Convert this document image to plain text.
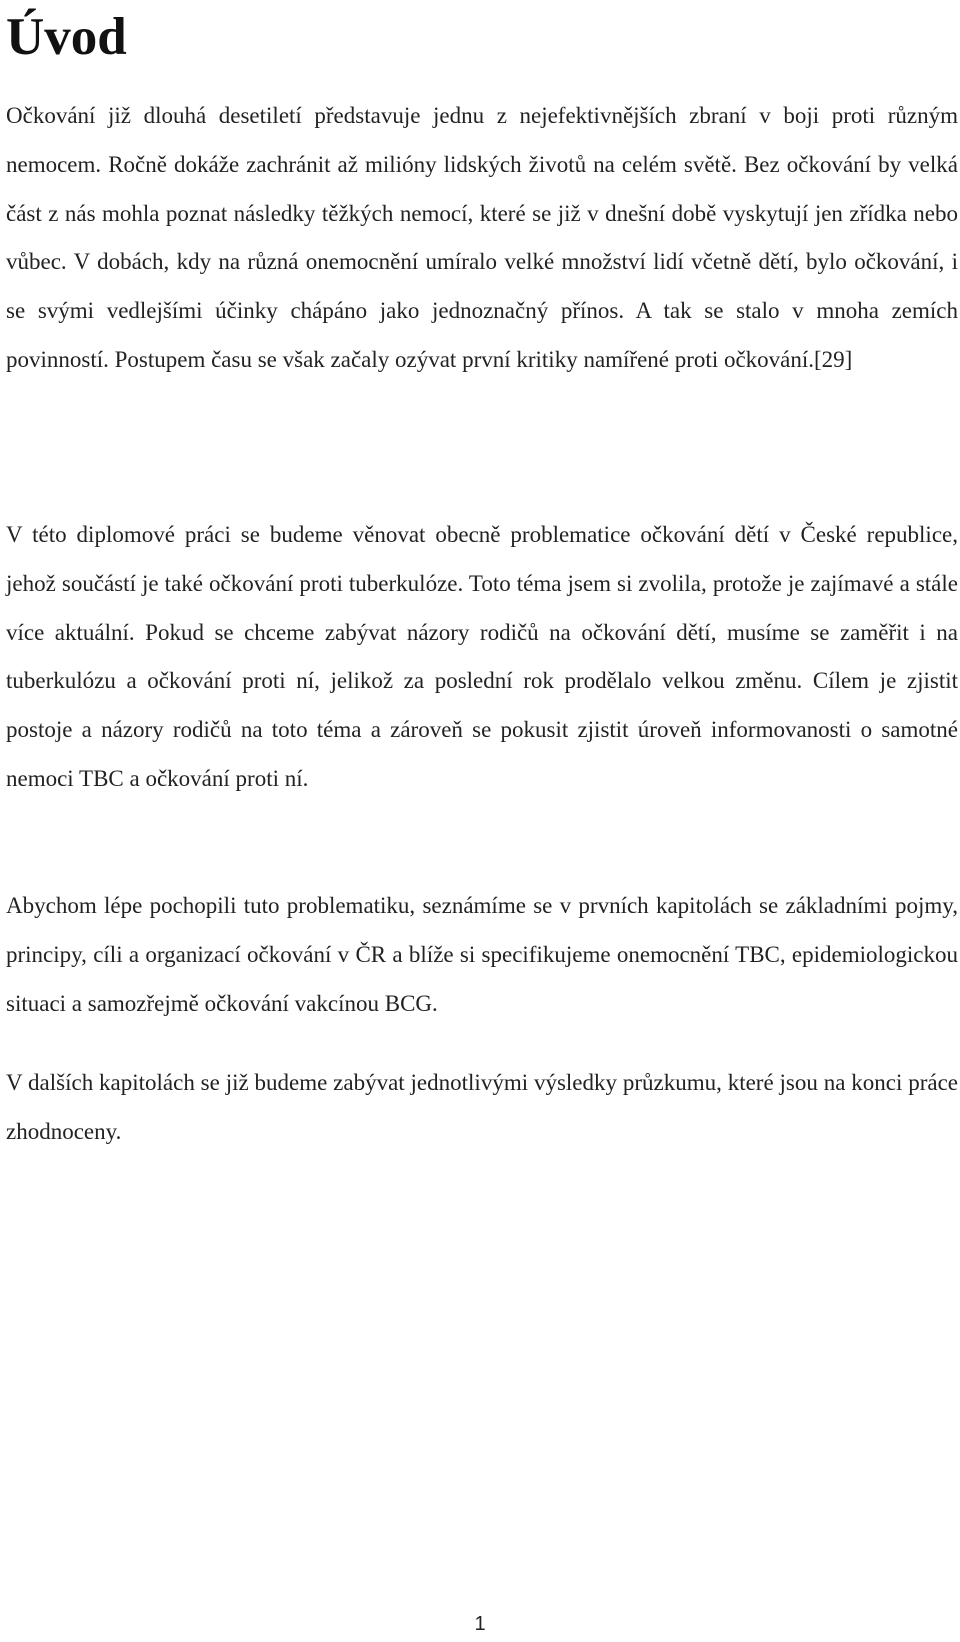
Úvod

Očkování již dlouhá desetiletí představuje jednu z nejefektivnějších zbraní v boji proti různým nemocem. Ročně dokáže zachránit až milióny lidských životů na celém světě. Bez očkování by velká část z nás mohla poznat následky těžkých nemocí, které se již v dnešní době vyskytují jen zřídka nebo vůbec. V dobách, kdy na různá onemocnění umíralo velké množství lidí včetně dětí, bylo očkování, i se svými vedlejšími účinky chápáno jako jednoznačný přínos. A tak se stalo v mnoha zemích povinností. Postupem času se však začaly ozývat první kritiky namířené proti očkování.[29]

V této diplomové práci se budeme věnovat obecně problematice očkování dětí v České republice, jehož součástí je také očkování proti tuberkulóze. Toto téma jsem si zvolila, protože je zajímavé a stále více aktuální. Pokud se chceme zabývat názory rodičů na očkování dětí, musíme se zaměřit i na tuberkulózu a očkování proti ní, jelikož za poslední rok prodělalo velkou změnu. Cílem je zjistit postoje a názory rodičů na toto téma a zároveň se pokusit zjistit úroveň informovanosti o samotné nemoci TBC a očkování proti ní.

Abychom lépe pochopili tuto problematiku, seznámíme se v prvních kapitolách se základními pojmy, principy, cíli a organizací očkování v ČR a blíže si specifikujeme onemocnění TBC, epidemiologickou situaci a samozřejmě očkování vakcínou BCG.

V dalších kapitolách se již budeme zabývat jednotlivými výsledky průzkumu, které jsou na konci práce zhodnoceny.

1
